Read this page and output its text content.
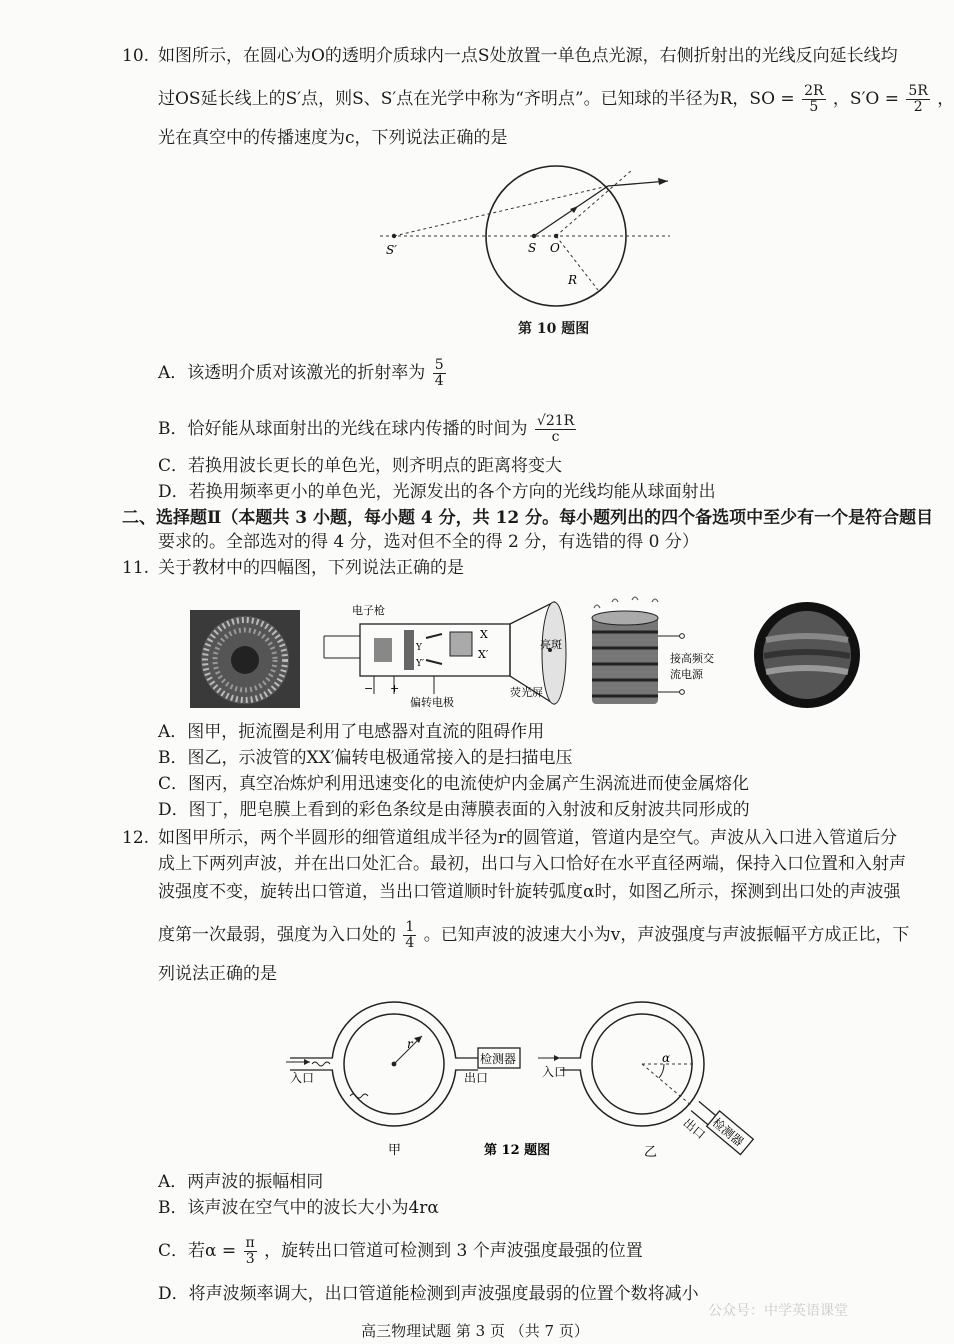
10. 如图所示，在圆心为O的透明介质球内一点S处放置一单色点光源，右侧折射出的光线反向延长线均
过OS延长线上的S′点，则S、S′点在光学中称为“齐明点”。已知球的半径为R，SO = $\frac{2R}{5}$ ，$S'O = \frac{5R}{2}$ ，
光在真空中的传播速度为c，下列说法正确的是
S′	S O
R
第 10 题图
A．该透明介质对该激光的折射率为 $\frac{5}{4}$
B．恰好能从球面射出的光线在球内传播的时间为 $\frac{√21R}{c}$
C．若换用波长更长的单色光，则齐明点的距离将变大
D．若换用频率更小的单色光，光源发出的各个方向的光线均能从球面射出
二、选择题Ⅱ（本题共 3 小题，每小题 4 分，共 12 分。每小题列出的四个备选项中至少有一个是符合题目
要求的。全部选对的得 4 分，选对但不全的得 2 分，有选错的得 0 分）
11. 关于教材中的四幅图，下列说法正确的是
电子枪
亮斑
X
X′
Y
Y′
− +
偏转电极
荧光屏
接高频交
流电源
A．图甲，扼流圈是利用了电感器对直流的阻碍作用
B．图乙，示波管的XX′偏转电极通常接入的是扫描电压
C．图丙，真空冶炼炉利用迅速变化的电流使炉内金属产生涡流进而使金属熔化
D．图丁，肥皂膜上看到的彩色条纹是由薄膜表面的入射波和反射波共同形成的
12. 如图甲所示，两个半圆形的细管道组成半径为r的圆管道，管道内是空气。声波从入口进入管道后分
成上下两列声波，并在出口处汇合。最初，出口与入口恰好在水平直径两端，保持入口位置和入射声
波强度不变，旋转出口管道，当出口管道顺时针旋转弧度α时，如图乙所示，探测到出口处的声波强
度第一次最弱，强度为入口处的 $\frac{1}{4}$ 。已知声波的波速大小为v，声波强度与声波振幅平方成正比，下
列说法正确的是
r
检测器
入口	出口
甲	第 12 题图
α
检测器
出口
入口
乙
A．两声波的振幅相同
B．该声波在空气中的波长大小为4rα
C．若$\alpha = \frac{\pi}{3}$ ，旋转出口管道可检测到 3 个声波强度最强的位置
D．将声波频率调大，出口管道能检测到声波强度最弱的位置个数将减小
高三物理试题 第 3 页 （共 7 页）
公众号：中学英语课堂
